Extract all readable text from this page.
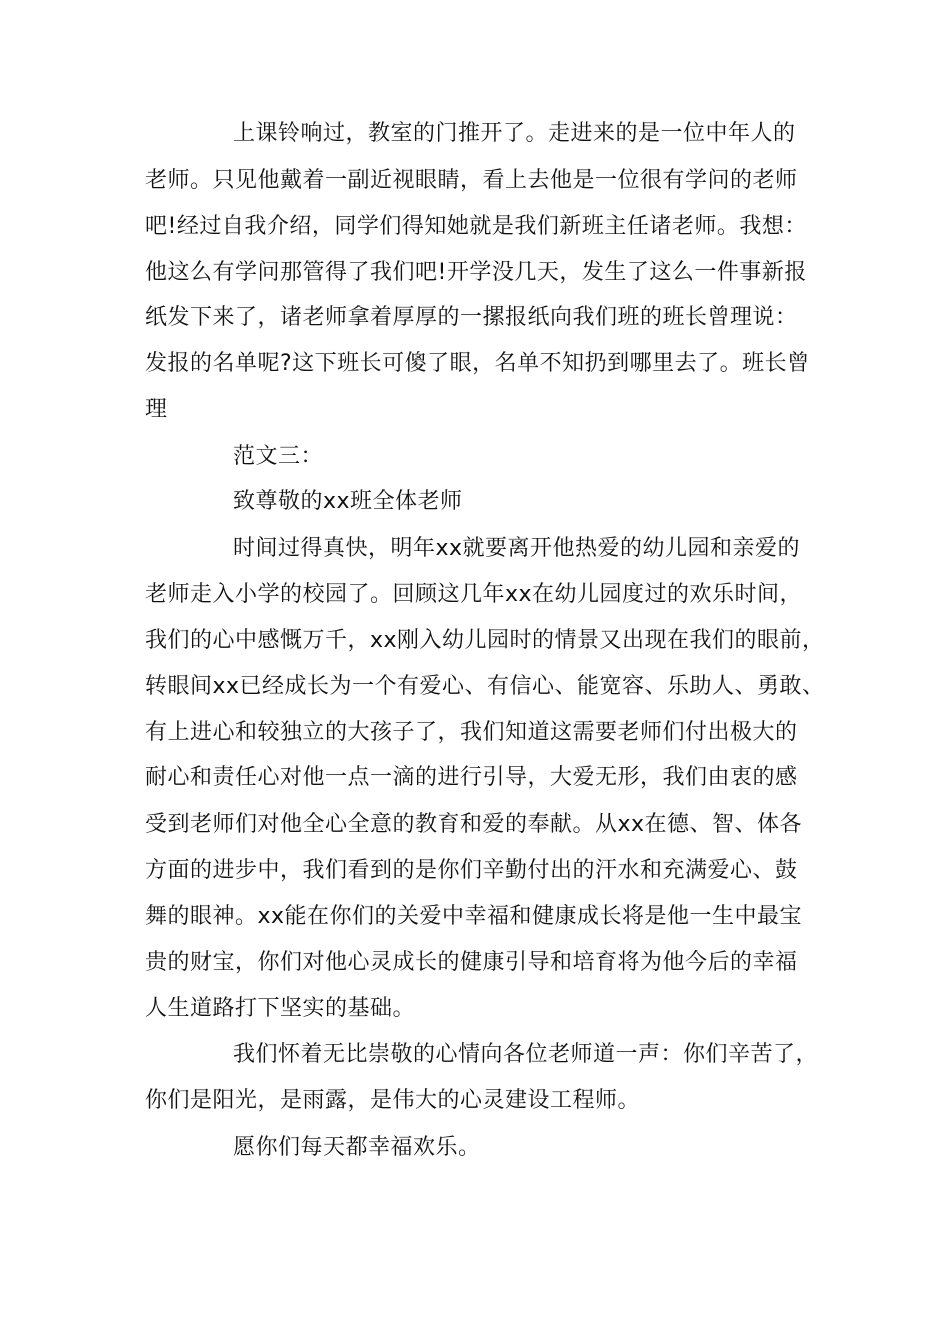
上课铃响过，教室的门推开了。走进来的是一位中年人的
老师。只见他戴着一副近视眼睛，看上去他是一位很有学问的老师
吧!经过自我介绍，同学们得知她就是我们新班主任诸老师。我想：
他这么有学问那管得了我们吧!开学没几天，发生了这么一件事新报
纸发下来了，诸老师拿着厚厚的一摞报纸向我们班的班长曾理说：
发报的名单呢?这下班长可傻了眼，名单不知扔到哪里去了。班长曾
理
范文三：
致尊敬的xx班全体老师
时间过得真快，明年xx就要离开他热爱的幼儿园和亲爱的
老师走入小学的校园了。回顾这几年xx在幼儿园度过的欢乐时间，
我们的心中感慨万千，xx刚入幼儿园时的情景又出现在我们的眼前，
转眼间xx已经成长为一个有爱心、有信心、能宽容、乐助人、勇敢、
有上进心和较独立的大孩子了，我们知道这需要老师们付出极大的
耐心和责任心对他一点一滴的进行引导，大爱无形，我们由衷的感
受到老师们对他全心全意的教育和爱的奉献。从xx在德、智、体各
方面的进步中，我们看到的是你们辛勤付出的汗水和充满爱心、鼓
舞的眼神。xx能在你们的关爱中幸福和健康成长将是他一生中最宝
贵的财宝，你们对他心灵成长的健康引导和培育将为他今后的幸福
人生道路打下坚实的基础。
我们怀着无比崇敬的心情向各位老师道一声：你们辛苦了，
你们是阳光，是雨露，是伟大的心灵建设工程师。
愿你们每天都幸福欢乐。
